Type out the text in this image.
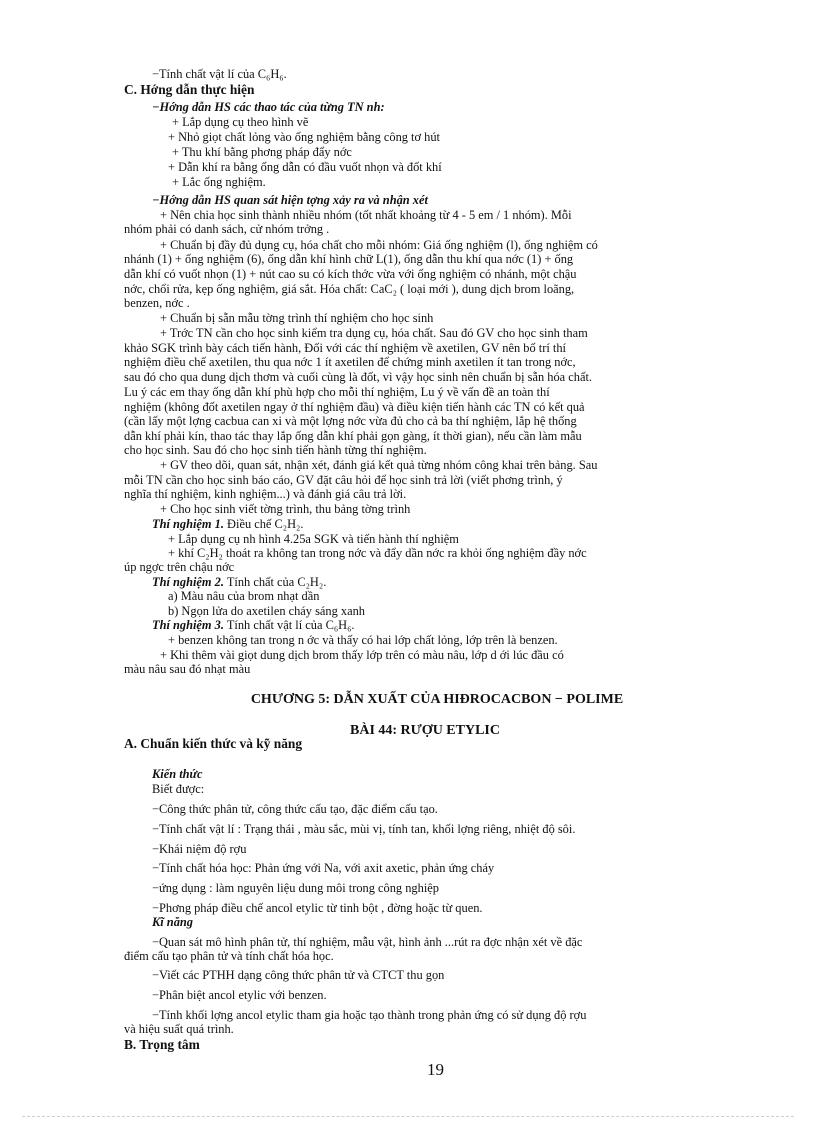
−Tính chất vật lí của C₆H₆.
C. Hớng dẫn thực hiện
−Hớng dẫn HS các thao tác của từng TN nh:
+ Lắp dụng cụ theo hình vẽ
+ Nhỏ giọt chất lỏng vào ống nghiệm bằng công tơ hút
+ Thu khí bằng phơng pháp đẩy nớc
+ Dẫn khí ra bằng ống dẫn có đầu vuốt nhọn và đốt khí
+ Lắc ống nghiệm.
−Hớng dẫn HS quan sát hiện tợng xảy ra và nhận xét
+ Nên chia học sinh thành nhiều nhóm (tốt nhất khoảng từ 4 - 5 em / 1 nhóm). Mỗi
nhóm phải có danh sách, cử nhóm trởng .
+ Chuẩn bị đầy đủ dụng cụ, hóa chất cho mỗi nhóm: Giá ống nghiệm (l), ống nghiệm có
nhánh (1) + ống nghiệm (6), ống dẫn khí hình chữ L(1), ống dẫn thu khí qua nớc (1) + ống
dẫn khí có vuốt nhọn (1) + nút cao su có kích thớc vừa với ống nghiệm có nhánh, một chậu
nớc, chổi rửa, kẹp ống nghiệm, giá sắt. Hóa chất: CaC₂ ( loại mới ), dung dịch brom loãng,
benzen, nớc .
+ Chuẩn bị sẵn mẫu tờng trình thí nghiệm cho học sinh
+ Trớc TN cần cho học sinh kiểm tra dụng cụ, hóa chất. Sau đó GV cho học sinh tham
khảo SGK trình bày cách tiến hành, Đối với các thí nghiệm về axetilen, GV nên bố trí thí
nghiệm điều chế axetilen, thu qua nớc 1 ít axetilen để chứng minh axetilen ít tan trong nớc,
sau đó cho qua dung dịch thơm và cuối cùng là đốt, vì vậy học sinh nên chuẩn bị sẵn hóa chất.
Lu ý các em thay ống dẫn khí phù hợp cho mỗi thí nghiệm, Lu ý về vấn đề an toàn thí
nghiệm (không đốt axetilen ngay ở thí nghiệm đầu) và điều kiện tiến hành các TN có kết quả
(cần lấy một lợng cacbua can xi và một lợng nớc vừa đủ cho cả ba thí nghiệm, lắp hệ thống
dẫn khí phải kín, thao tác thay lắp ống dẫn khí phải gọn gàng, ít thời gian), nếu cần làm mẫu
cho học sinh. Sau đó cho học sinh tiến hành từng thí nghiệm.
+ GV theo dõi, quan sát, nhận xét, đánh giá kết quả từng nhóm công khai trên bảng. Sau
mỗi TN cần cho học sinh báo cáo, GV đặt câu hỏi để học sinh trả lời (viết phơng trình, ý
nghĩa thí nghiệm, kinh nghiệm...) và đánh giá câu trả lời.
+ Cho học sinh viết tờng trình, thu bảng tờng trình
Thí nghiệm 1. Điều chế C₂H₂.
+ Lắp dụng cụ nh hình 4.25a SGK và tiến hành thí nghiệm
+ khí C₂H₂ thoát ra không tan trong nớc và đẩy dần nớc ra khỏi ống nghiệm đầy nớc
úp ngợc trên chậu nớc
Thí nghiệm 2. Tính chất của C₂H₂.
a) Màu nâu của brom nhạt dần
b) Ngọn lửa do axetilen cháy sáng xanh
Thí nghiệm 3. Tính chất vật lí của C₆H₆.
+ benzen không tan trong n ớc và thấy có hai lớp chất lỏng, lớp trên là benzen.
+ Khi thêm vài giọt dung dịch brom thấy lớp trên có màu nâu, lớp d ới lúc đầu có
màu nâu sau đó nhạt màu
CHƯƠNG 5: DẪN XUẤT CỦA HIĐROCACBON − POLIME
BÀI 44: RƯỢU ETYLIC
A. Chuẩn kiến thức và kỹ năng
Kiến thức
Biết được:
−Công thức phân tử, công thức cấu tạo, đặc điểm cấu tạo.
−Tính chất vật lí : Trạng thái , màu sắc, mùi vị, tính tan, khối lợng riêng, nhiệt độ sôi.
−Khái niệm độ rợu
−Tính chất hóa học: Phản ứng với Na, với axit axetic, phản ứng cháy
−ứng dụng : làm nguyên liệu dung môi trong công nghiệp
−Phơng pháp điều chế ancol etylic từ tinh bột , đờng hoặc từ quen.
Kĩ năng
−Quan sát mô hình phân tử, thí nghiệm, mẫu vật, hình ảnh ...rút ra đợc nhận xét về đặc
điểm cấu tạo phân tử và tính chất hóa học.
−Viết các PTHH dạng công thức phân tử và CTCT thu gọn
−Phân biệt ancol etylic với benzen.
−Tính khối lợng ancol etylic tham gia hoặc tạo thành trong phản ứng có sử dụng độ rợu
và hiệu suất quá trình.
B. Trọng tâm
19
